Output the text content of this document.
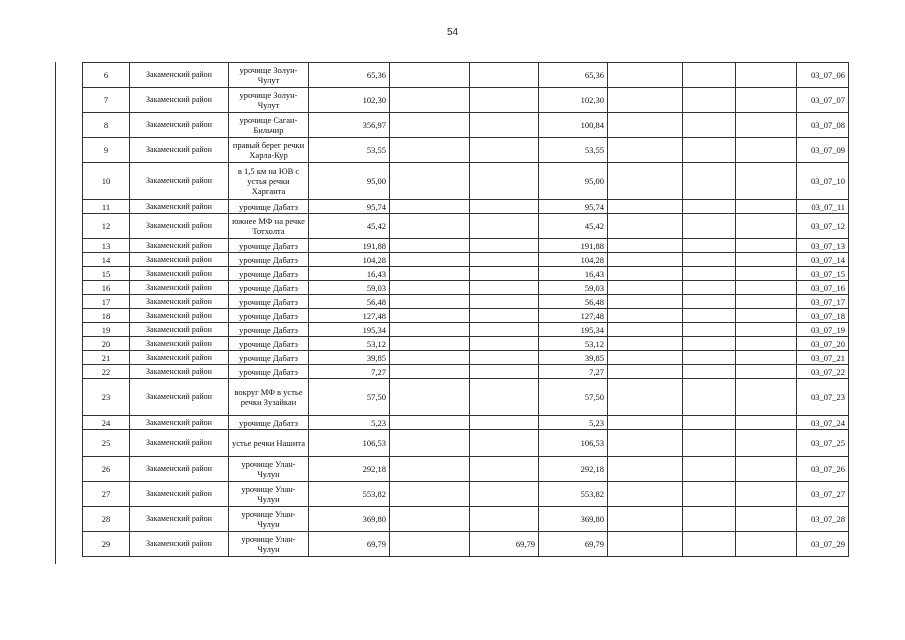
54
6	Закаменский район	урочище Золун-Чулут	65,36			65,36				03_07_06
7	Закаменский район	урочище Золун-Чулут	102,30			102,30				03_07_07
8	Закаменский район	урочище Саган-Бильчир	356,97			100,84				03_07_08
9	Закаменский район	правый берег речки Харла-Кур	53,55			53,55				03_07_09
10	Закаменский район	в 1,5 км на ЮВ с устья речки Харганта	95,00			95,00				03_07_10
11	Закаменский район	урочище Дабатэ	95,74			95,74				03_07_11
12	Закаменский район	южнее МФ на речке Тотхолта	45,42			45,42				03_07_12
13	Закаменский район	урочище Дабатэ	191,88			191,88				03_07_13
14	Закаменский район	урочище Дабатэ	104,28			104,28				03_07_14
15	Закаменский район	урочище Дабатэ	16,43			16,43				03_07_15
16	Закаменский район	урочище Дабатэ	59,03			59,03				03_07_16
17	Закаменский район	урочище Дабатэ	56,48			56,48				03_07_17
18	Закаменский район	урочище Дабатэ	127,48			127,48				03_07_18
19	Закаменский район	урочище Дабатэ	195,34			195,34				03_07_19
20	Закаменский район	урочище Дабатэ	53,12			53,12				03_07_20
21	Закаменский район	урочище Дабатэ	39,85			39,85				03_07_21
22	Закаменский район	урочище Дабатэ	7,27			7,27				03_07_22
23	Закаменский район	вокруг МФ в устье речки Зузайкан	57,50			57,50				03_07_23
24	Закаменский район	урочище Дабатэ	5,23			5,23				03_07_24
25	Закаменский район	устье речки Нашита	106,53			106,53				03_07_25
26	Закаменский район	урочище Улан-Чулун	292,18			292,18				03_07_26
27	Закаменский район	урочище Улан-Чулун	553,82			553,82				03_07_27
28	Закаменский район	урочище Улан-Чулун	369,80			369,80				03_07_28
29	Закаменский район	урочище Улан-Чулун	69,79		69,79	69,79				03_07_29
